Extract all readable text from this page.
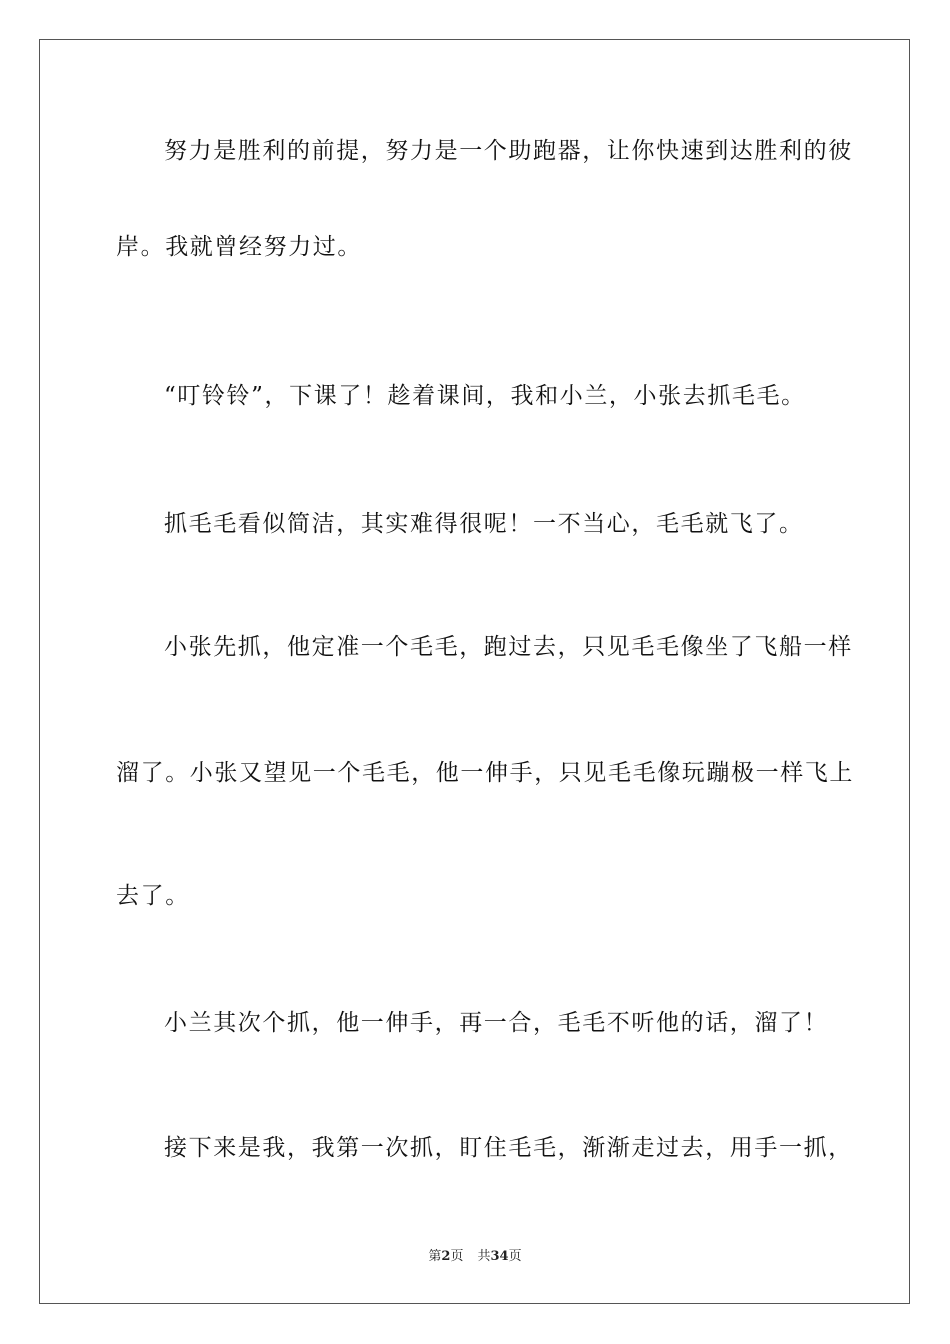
努力是胜利的前提，努力是一个助跑器，让你快速到达胜利的彼
岸。我就曾经努力过。
“叮铃铃”，下课了！趁着课间，我和小兰，小张去抓毛毛。
抓毛毛看似简洁，其实难得很呢！一不当心，毛毛就飞了。
小张先抓，他定准一个毛毛，跑过去，只见毛毛像坐了飞船一样
溜了。小张又望见一个毛毛，他一伸手，只见毛毛像玩蹦极一样飞上
去了。
小兰其次个抓，他一伸手，再一合，毛毛不听他的话，溜了！
接下来是我，我第一次抓，盯住毛毛，渐渐走过去，用手一抓，
第2页 共34页
